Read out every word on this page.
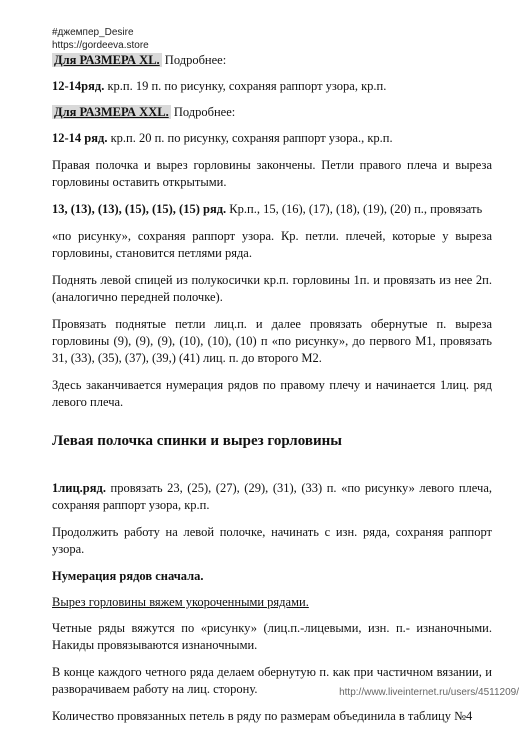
#джемпер_Desire
https://gordeeva.store

Для РАЗМЕРА XL. Подробнее:

12-14ряд. кр.п. 19 п. по рисунку, сохраняя раппорт узора, кр.п.

Для РАЗМЕРА XXL. Подробнее:

12-14 ряд. кр.п. 20 п. по рисунку, сохраняя раппорт узора., кр.п.

Правая полочка и вырез горловины закончены. Петли правого плеча и выреза горловины оставить открытыми.

13, (13), (13), (15), (15), (15) ряд. Кр.п., 15, (16), (17), (18), (19), (20) п., провязать

«по рисунку», сохраняя раппорт узора. Кр. петли. плечей, которые у выреза горловины, становится петлями ряда.

Поднять левой спицей из полукосички кр.п. горловины 1п. и провязать из нее 2п. (аналогично передней полочке).

Провязать поднятые петли лиц.п. и далее провязать обернутые п. выреза горловины (9), (9), (9), (10), (10), (10) п «по рисунку», до первого М1, провязать 31, (33), (35), (37), (39,) (41) лиц. п. до второго М2.

Здесь заканчивается нумерация рядов по правому плечу и начинается 1лиц. ряд левого плеча.

Левая полочка спинки и вырез горловины

1лиц.ряд. провязать 23, (25), (27), (29), (31), (33) п. «по рисунку» левого плеча, сохраняя раппорт узора, кр.п.

Продолжить работу на левой полочке, начинать с изн. ряда, сохраняя раппорт узора.

Нумерация рядов сначала.

Вырез горловины вяжем укороченными рядами.

Четные ряды вяжутся по «рисунку» (лиц.п.-лицевыми, изн. п.- изнаночными. Накиды провязываются изнаночными.

В конце каждого четного ряда делаем обернутую п. как при частичном вязании, и разворачиваем работу на лиц. сторону.

Количество провязанных петель в ряду по размерам объединила в таблицу №4

http://www.liveinternet.ru/users/4511209/
